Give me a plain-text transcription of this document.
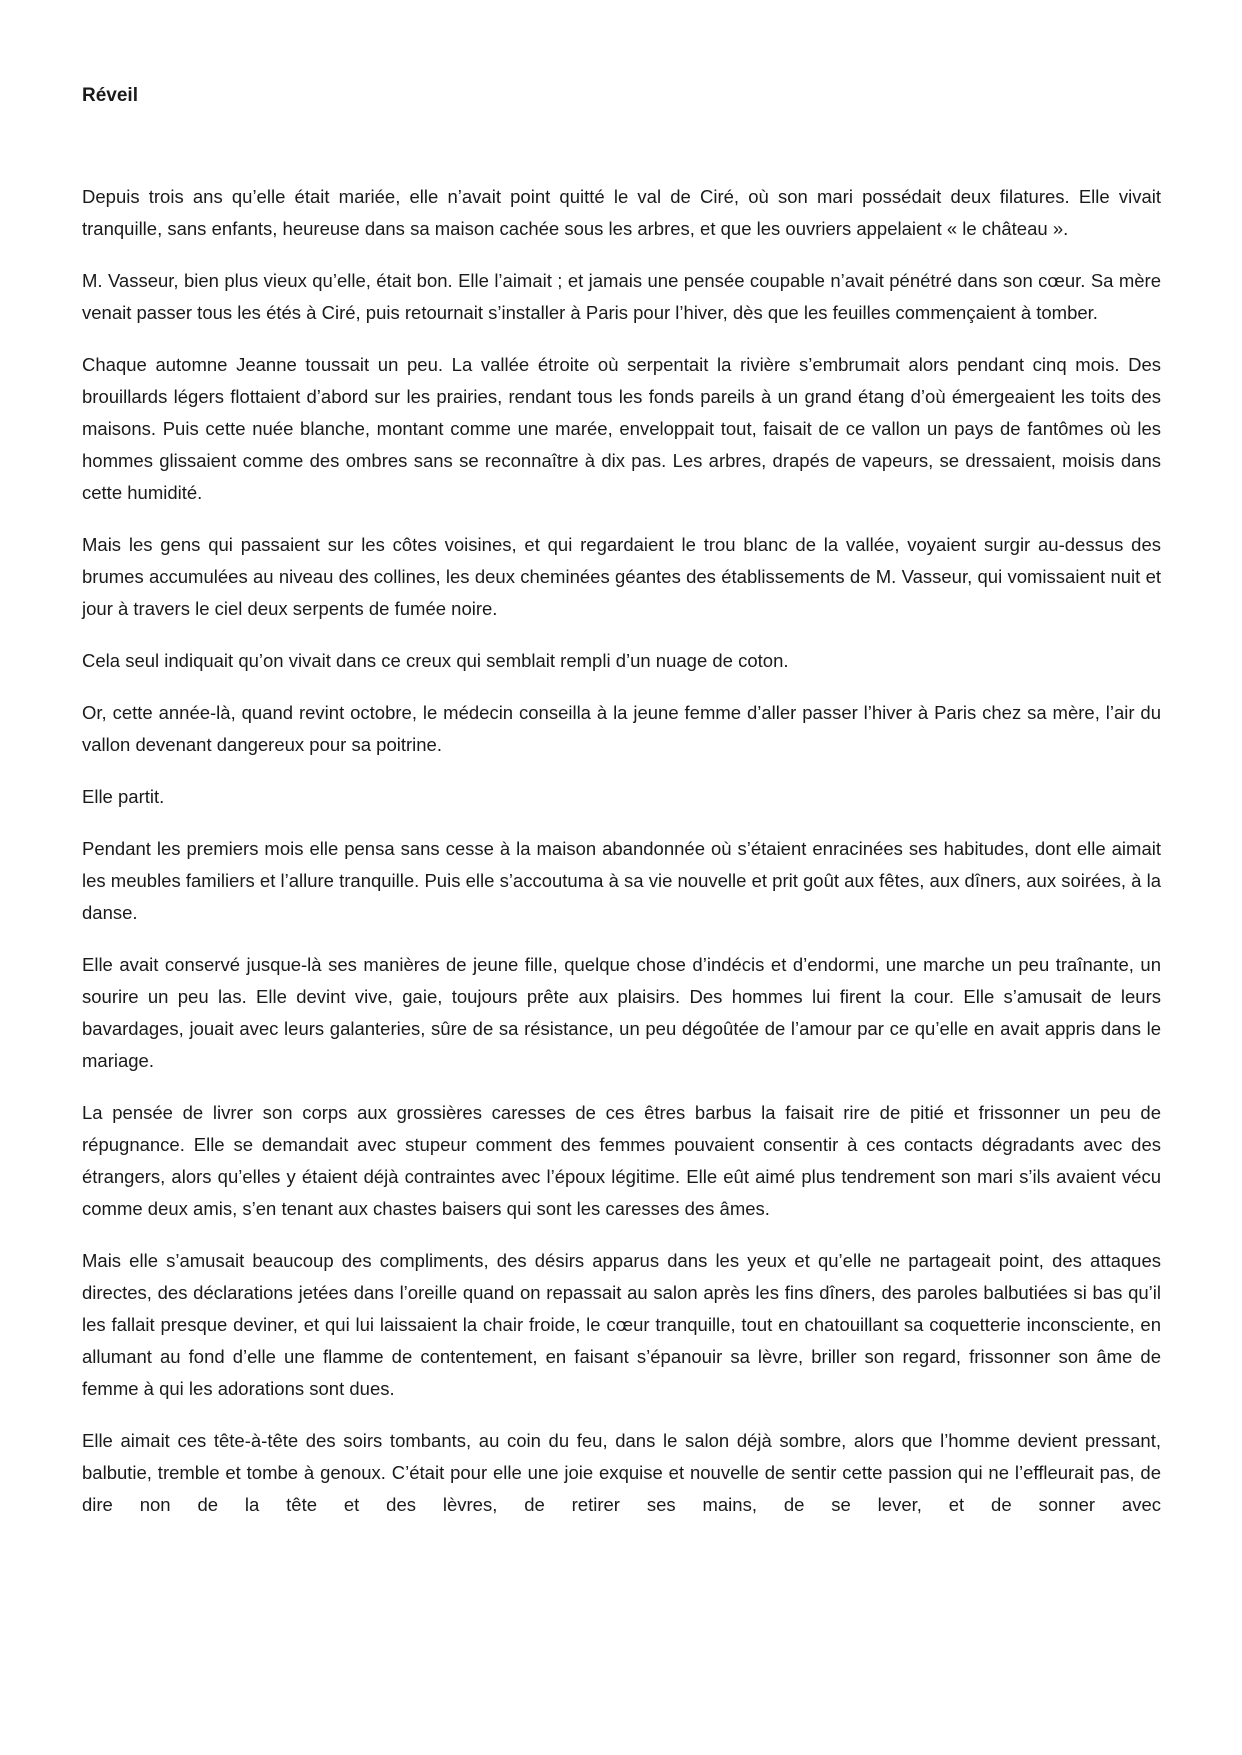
Réveil

Depuis trois ans qu’elle était mariée, elle n’avait point quitté le val de Ciré, où son mari possédait deux filatures. Elle vivait tranquille, sans enfants, heureuse dans sa maison cachée sous les arbres, et que les ouvriers appelaient « le château ».

M. Vasseur, bien plus vieux qu’elle, était bon. Elle l’aimait ; et jamais une pensée coupable n’avait pénétré dans son cœur. Sa mère venait passer tous les étés à Ciré, puis retournait s’installer à Paris pour l’hiver, dès que les feuilles commençaient à tomber.

Chaque automne Jeanne toussait un peu. La vallée étroite où serpentait la rivière s’embrumait alors pendant cinq mois. Des brouillards légers flottaient d’abord sur les prairies, rendant tous les fonds pareils à un grand étang d’où émergeaient les toits des maisons. Puis cette nuée blanche, montant comme une marée, enveloppait tout, faisait de ce vallon un pays de fantômes où les hommes glissaient comme des ombres sans se reconnaître à dix pas. Les arbres, drapés de vapeurs, se dressaient, moisis dans cette humidité.

Mais les gens qui passaient sur les côtes voisines, et qui regardaient le trou blanc de la vallée, voyaient surgir au-dessus des brumes accumulées au niveau des collines, les deux cheminées géantes des établissements de M. Vasseur, qui vomissaient nuit et jour à travers le ciel deux serpents de fumée noire.

Cela seul indiquait qu’on vivait dans ce creux qui semblait rempli d’un nuage de coton.

Or, cette année-là, quand revint octobre, le médecin conseilla à la jeune femme d’aller passer l’hiver à Paris chez sa mère, l’air du vallon devenant dangereux pour sa poitrine.

Elle partit.

Pendant les premiers mois elle pensa sans cesse à la maison abandonnée où s’étaient enracinées ses habitudes, dont elle aimait les meubles familiers et l’allure tranquille. Puis elle s’accoutuma à sa vie nouvelle et prit goût aux fêtes, aux dîners, aux soirées, à la danse.

Elle avait conservé jusque-là ses manières de jeune fille, quelque chose d’indécis et d’endormi, une marche un peu traînante, un sourire un peu las. Elle devint vive, gaie, toujours prête aux plaisirs. Des hommes lui firent la cour. Elle s’amusait de leurs bavardages, jouait avec leurs galanteries, sûre de sa résistance, un peu dégoûtée de l’amour par ce qu’elle en avait appris dans le mariage.

La pensée de livrer son corps aux grossières caresses de ces êtres barbus la faisait rire de pitié et frissonner un peu de répugnance. Elle se demandait avec stupeur comment des femmes pouvaient consentir à ces contacts dégradants avec des étrangers, alors qu’elles y étaient déjà contraintes avec l’époux légitime. Elle eût aimé plus tendrement son mari s’ils avaient vécu comme deux amis, s’en tenant aux chastes baisers qui sont les caresses des âmes.

Mais elle s’amusait beaucoup des compliments, des désirs apparus dans les yeux et qu’elle ne partageait point, des attaques directes, des déclarations jetées dans l’oreille quand on repassait au salon après les fins dîners, des paroles balbutiées si bas qu’il les fallait presque deviner, et qui lui laissaient la chair froide, le cœur tranquille, tout en chatouillant sa coquetterie inconsciente, en allumant au fond d’elle une flamme de contentement, en faisant s’épanouir sa lèvre, briller son regard, frissonner son âme de femme à qui les adorations sont dues.

Elle aimait ces tête-à-tête des soirs tombants, au coin du feu, dans le salon déjà sombre, alors que l’homme devient pressant, balbutie, tremble et tombe à genoux. C’était pour elle une joie exquise et nouvelle de sentir cette passion qui ne l’effleurait pas, de dire non de la tête et des lèvres, de retirer ses mains, de se lever, et de sonner avec
